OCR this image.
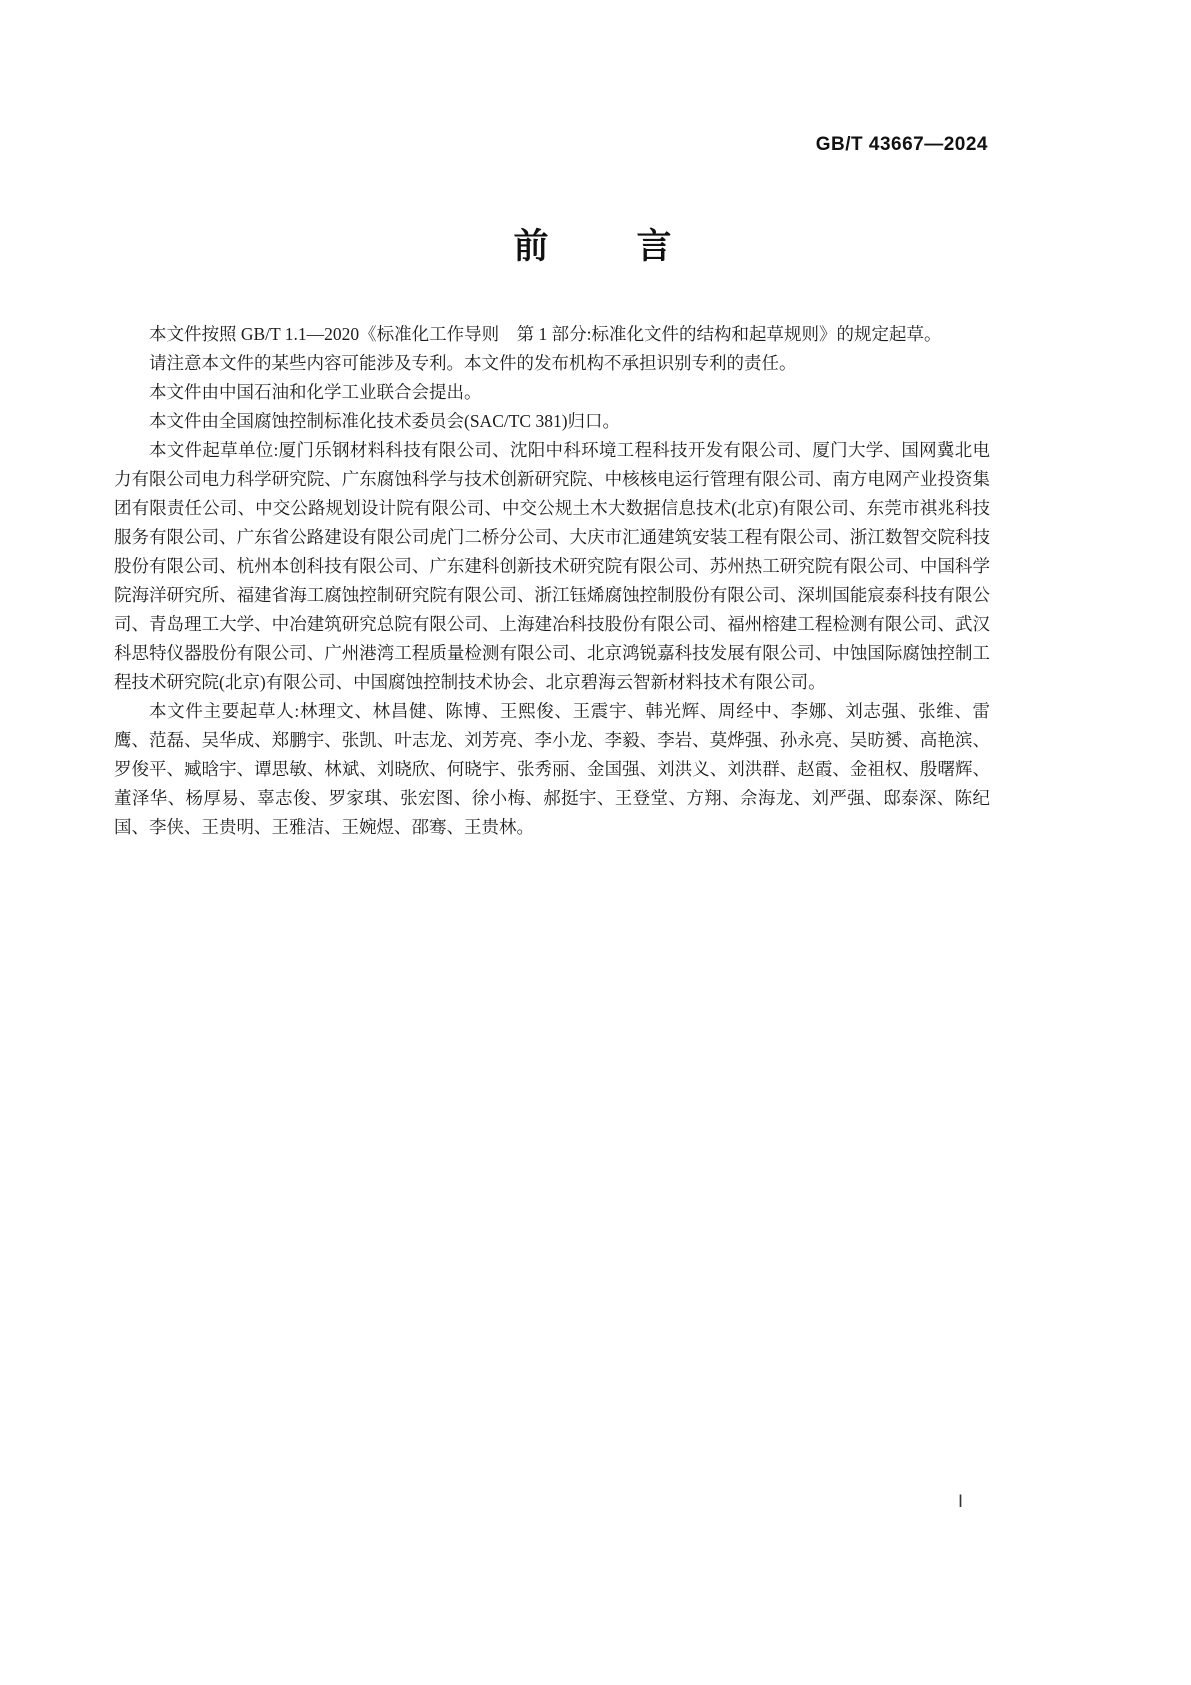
GB/T 43667—2024
前　　言

本文件按照 GB/T 1.1—2020《标准化工作导则　第 1 部分:标准化文件的结构和起草规则》的规定起草。

请注意本文件的某些内容可能涉及专利。本文件的发布机构不承担识别专利的责任。

本文件由中国石油和化学工业联合会提出。

本文件由全国腐蚀控制标准化技术委员会(SAC/TC 381)归口。

本文件起草单位:厦门乐钢材料科技有限公司、沈阳中科环境工程科技开发有限公司、厦门大学、国网冀北电力有限公司电力科学研究院、广东腐蚀科学与技术创新研究院、中核核电运行管理有限公司、南方电网产业投资集团有限责任公司、中交公路规划设计院有限公司、中交公规土木大数据信息技术(北京)有限公司、东莞市祺兆科技服务有限公司、广东省公路建设有限公司虎门二桥分公司、大庆市汇通建筑安装工程有限公司、浙江数智交院科技股份有限公司、杭州本创科技有限公司、广东建科创新技术研究院有限公司、苏州热工研究院有限公司、中国科学院海洋研究所、福建省海工腐蚀控制研究院有限公司、浙江钰烯腐蚀控制股份有限公司、深圳国能宸泰科技有限公司、青岛理工大学、中冶建筑研究总院有限公司、上海建冶科技股份有限公司、福州榕建工程检测有限公司、武汉科思特仪器股份有限公司、广州港湾工程质量检测有限公司、北京鸿锐嘉科技发展有限公司、中蚀国际腐蚀控制工程技术研究院(北京)有限公司、中国腐蚀控制技术协会、北京碧海云智新材料技术有限公司。

本文件主要起草人:林理文、林昌健、陈博、王熙俊、王震宇、韩光辉、周经中、李娜、刘志强、张维、雷鹰、范磊、吴华成、郑鹏宇、张凯、叶志龙、刘芳亮、李小龙、李毅、李岩、莫烨强、孙永亮、吴昉赟、高艳滨、罗俊平、臧晗宇、谭思敏、林斌、刘晓欣、何晓宇、张秀丽、金国强、刘洪义、刘洪群、赵霞、金祖权、殷曙辉、董泽华、杨厚易、辜志俊、罗家琪、张宏图、徐小梅、郝挺宇、王登堂、方翔、佘海龙、刘严强、邸泰深、陈纪国、李侠、王贵明、王雅洁、王婉煜、邵骞、王贵林。

Ⅰ
